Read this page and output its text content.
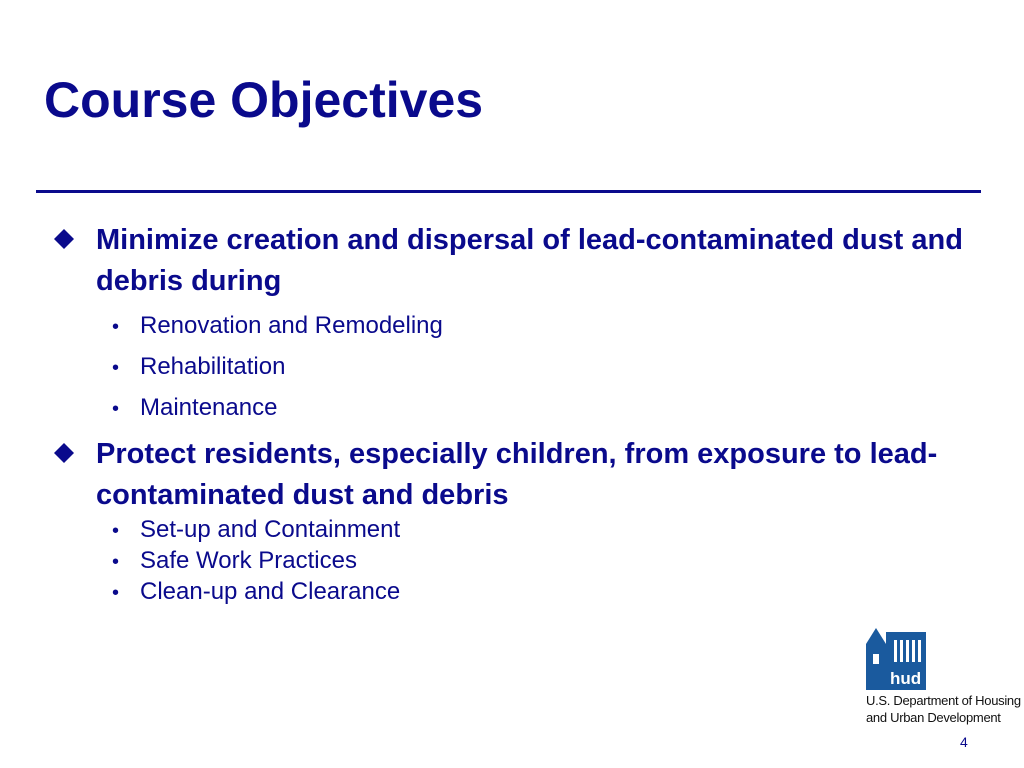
Course Objectives

Minimize creation and dispersal of lead-contaminated dust and debris during

• Renovation and Remodeling
• Rehabilitation
• Maintenance

Protect residents, especially children, from exposure to lead-contaminated dust and debris

• Set-up and Containment
• Safe Work Practices
• Clean-up and Clearance
hud
U.S. Department of Housing
and Urban Development
4
